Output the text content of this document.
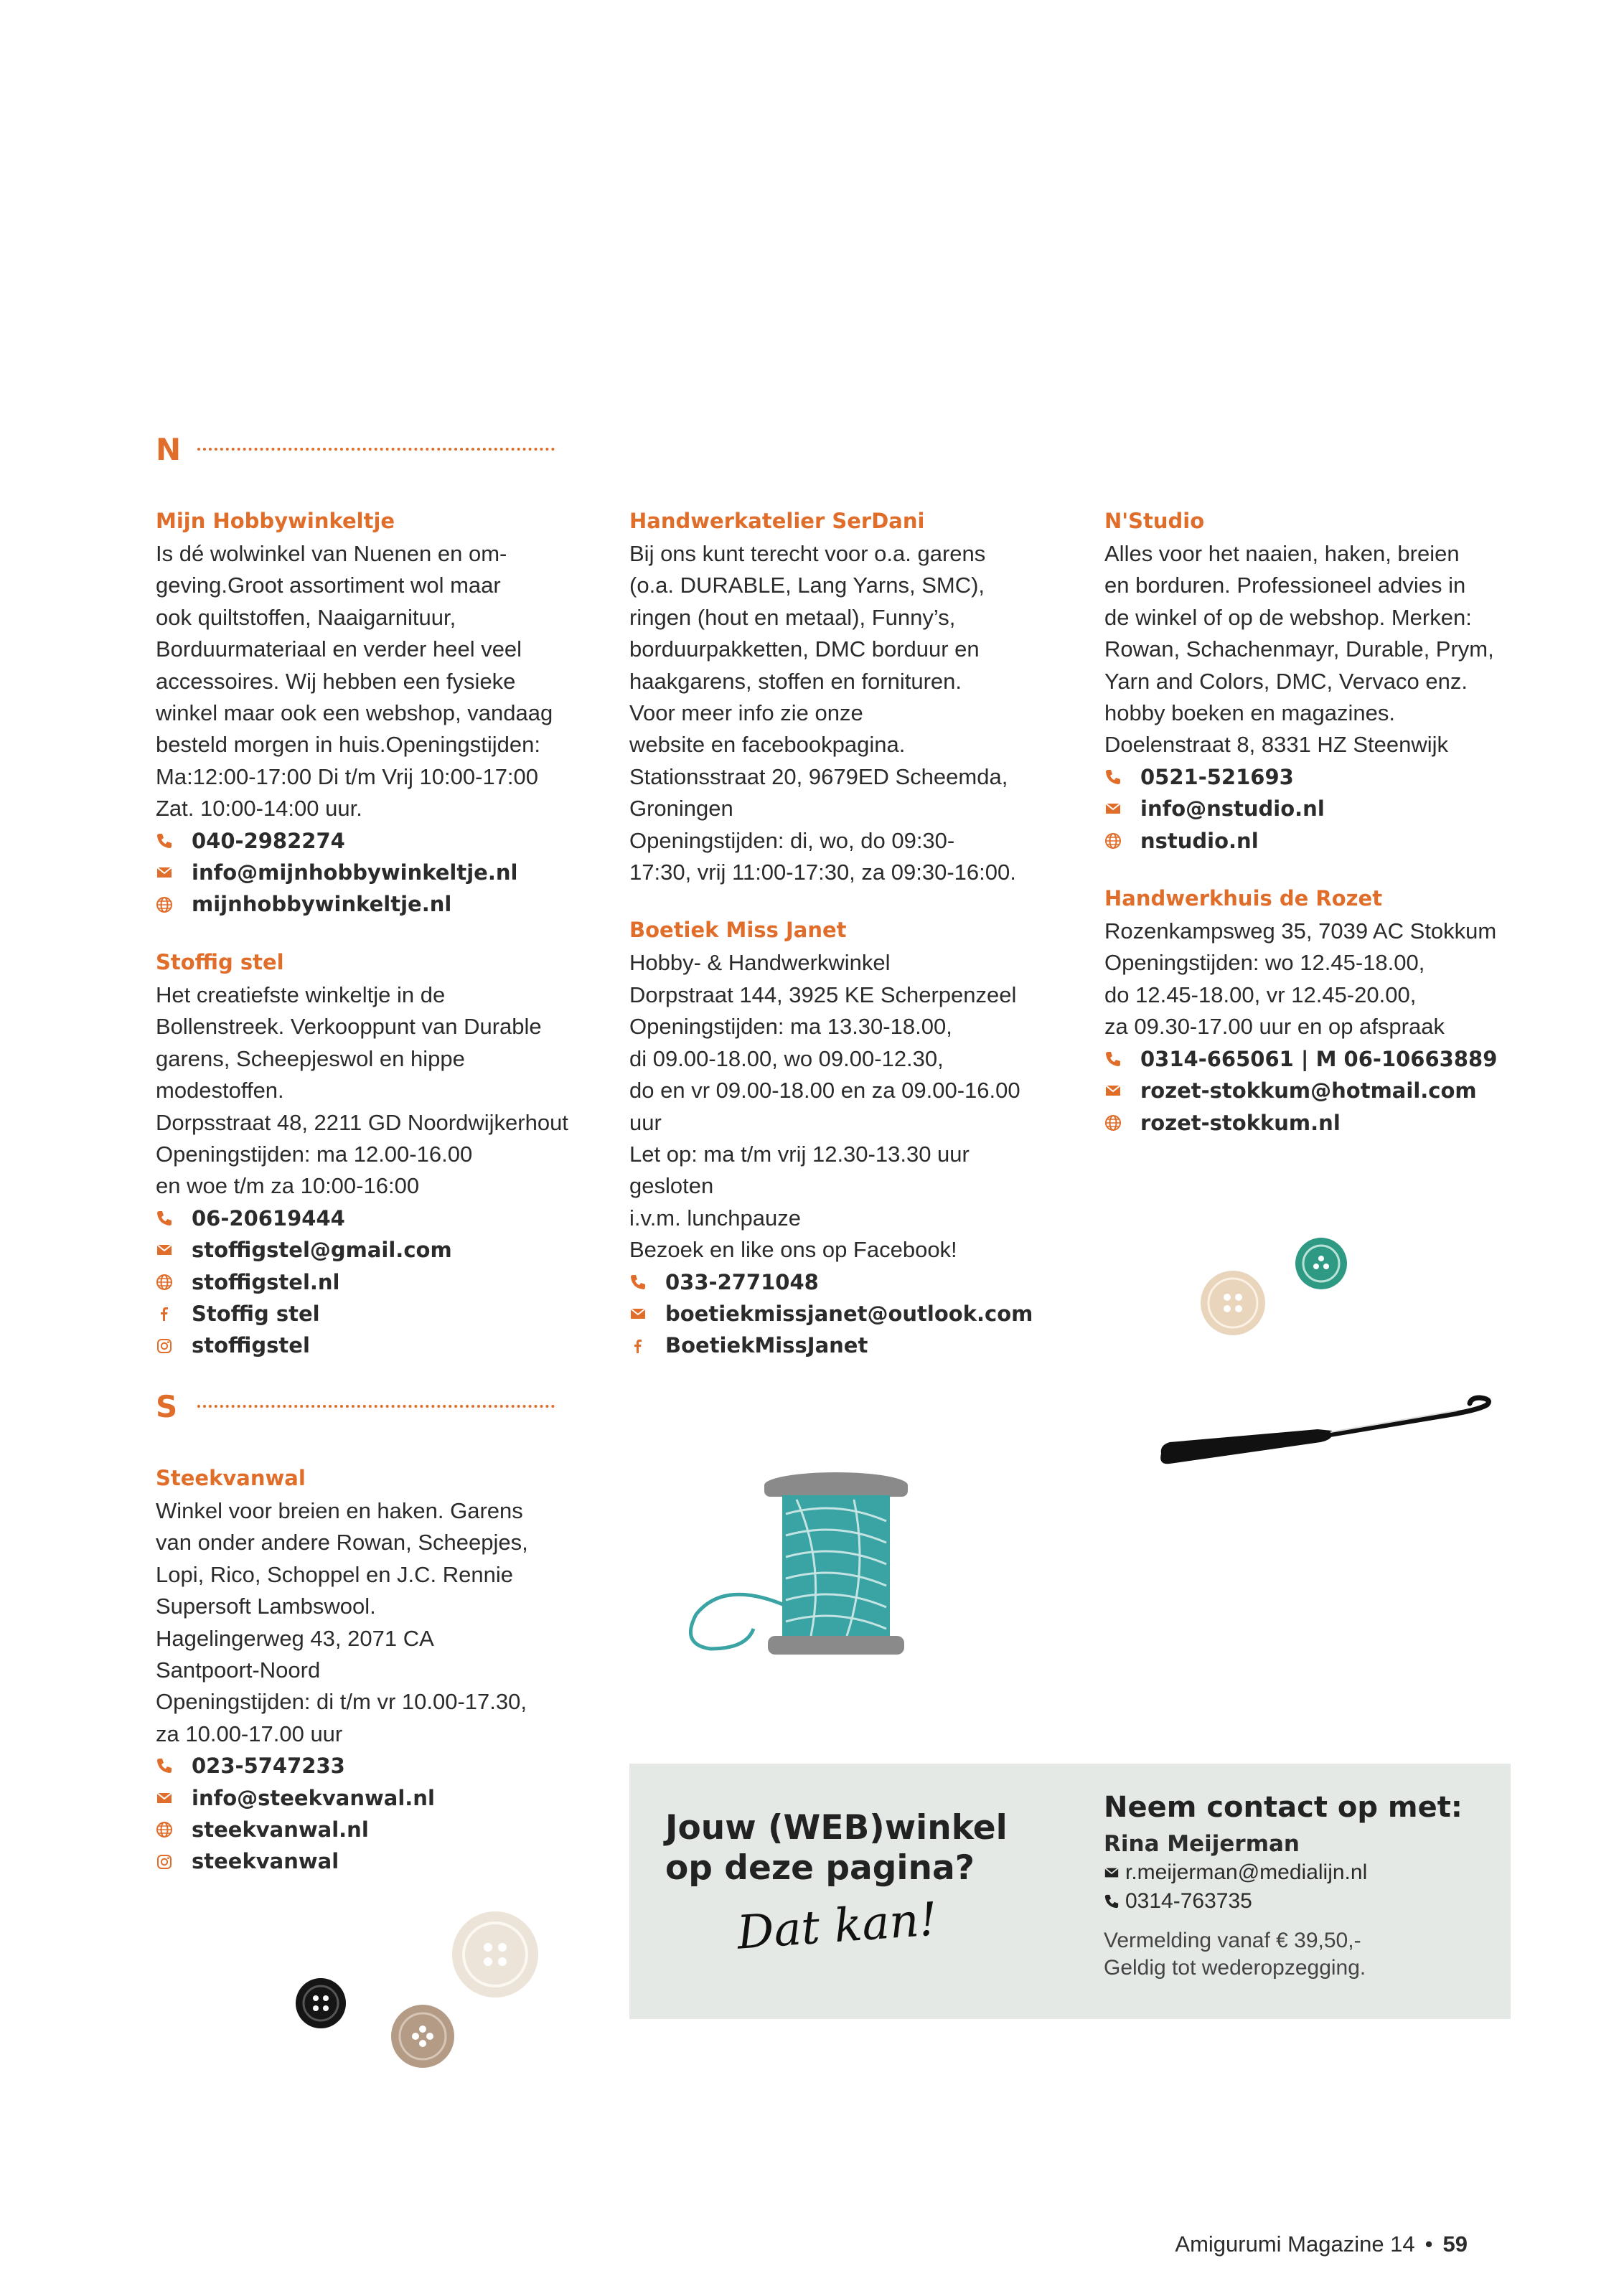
N
Mijn Hobbywinkeltje
Is dé wolwinkel van Nuenen en om-
geving.Groot assortiment wol maar
ook quiltstoffen, Naaigarnituur,
Borduurmateriaal en verder heel veel
accessoires. Wij hebben een fysieke
winkel maar ook een webshop, vandaag
besteld morgen in huis.Openingstijden:
Ma:12:00-17:00 Di t/m Vrij 10:00-17:00
Zat. 10:00-14:00 uur.
040-2982274
info@mijnhobbywinkeltje.nl
mijnhobbywinkeltje.nl
Stoffig stel
Het creatiefste winkeltje in de
Bollenstreek. Verkooppunt van Durable
garens, Scheepjeswol en hippe
modestoffen.
Dorpsstraat 48, 2211 GD Noordwijkerhout
Openingstijden: ma 12.00-16.00
en woe t/m za 10:00-16:00
06-20619444
stoffigstel@gmail.com
stoffigstel.nl
Stoffig stel
stoffigstel
S
Steekvanwal
Winkel voor breien en haken. Garens
van onder andere Rowan, Scheepjes,
Lopi, Rico, Schoppel en J.C. Rennie
Supersoft Lambswool.
Hagelingerweg 43, 2071 CA
Santpoort-Noord
Openingstijden: di t/m vr 10.00-17.30,
za 10.00-17.00 uur
023-5747233
info@steekvanwal.nl
steekvanwal.nl
steekvanwal
Handwerkatelier SerDani
Bij ons kunt terecht voor o.a. garens
(o.a. DURABLE, Lang Yarns, SMC),
ringen (hout en metaal), Funny’s,
borduurpakketten, DMC borduur en
haakgarens, stoffen en fornituren.
Voor meer info zie onze
website en facebookpagina.
Stationsstraat 20, 9679ED Scheemda,
Groningen
Openingstijden: di, wo, do 09:30-
17:30, vrij 11:00-17:30, za 09:30-16:00.
Boetiek Miss Janet
Hobby- & Handwerkwinkel
Dorpstraat 144, 3925 KE Scherpenzeel
Openingstijden: ma 13.30-18.00,
di 09.00-18.00, wo 09.00-12.30,
do en vr 09.00-18.00 en za 09.00-16.00
uur
Let op: ma t/m vrij 12.30-13.30 uur
gesloten
i.v.m. lunchpauze
Bezoek en like ons op Facebook!
033-2771048
boetiekmissjanet@outlook.com
BoetiekMissJanet
N'Studio
Alles voor het naaien, haken, breien
en borduren. Professioneel advies in
de winkel of op de webshop. Merken:
Rowan, Schachenmayr, Durable, Prym,
Yarn and Colors, DMC, Vervaco enz.
hobby boeken en magazines.
Doelenstraat 8, 8331 HZ Steenwijk
0521-521693
info@nstudio.nl
nstudio.nl
Handwerkhuis de Rozet
Rozenkampsweg 35, 7039 AC Stokkum
Openingstijden: wo 12.45-18.00,
do 12.45-18.00, vr 12.45-20.00,
za 09.30-17.00 uur en op afspraak
0314-665061 | M 06-10663889
rozet-stokkum@hotmail.com
rozet-stokkum.nl
Jouw (WEB)winkel
op deze pagina?
Dat kan!
Neem contact op met:
Rina Meijerman
r.meijerman@medialijn.nl
0314-763735
Vermelding vanaf € 39,50,-
Geldig tot wederopzegging.
Amigurumi Magazine 14 • 59
